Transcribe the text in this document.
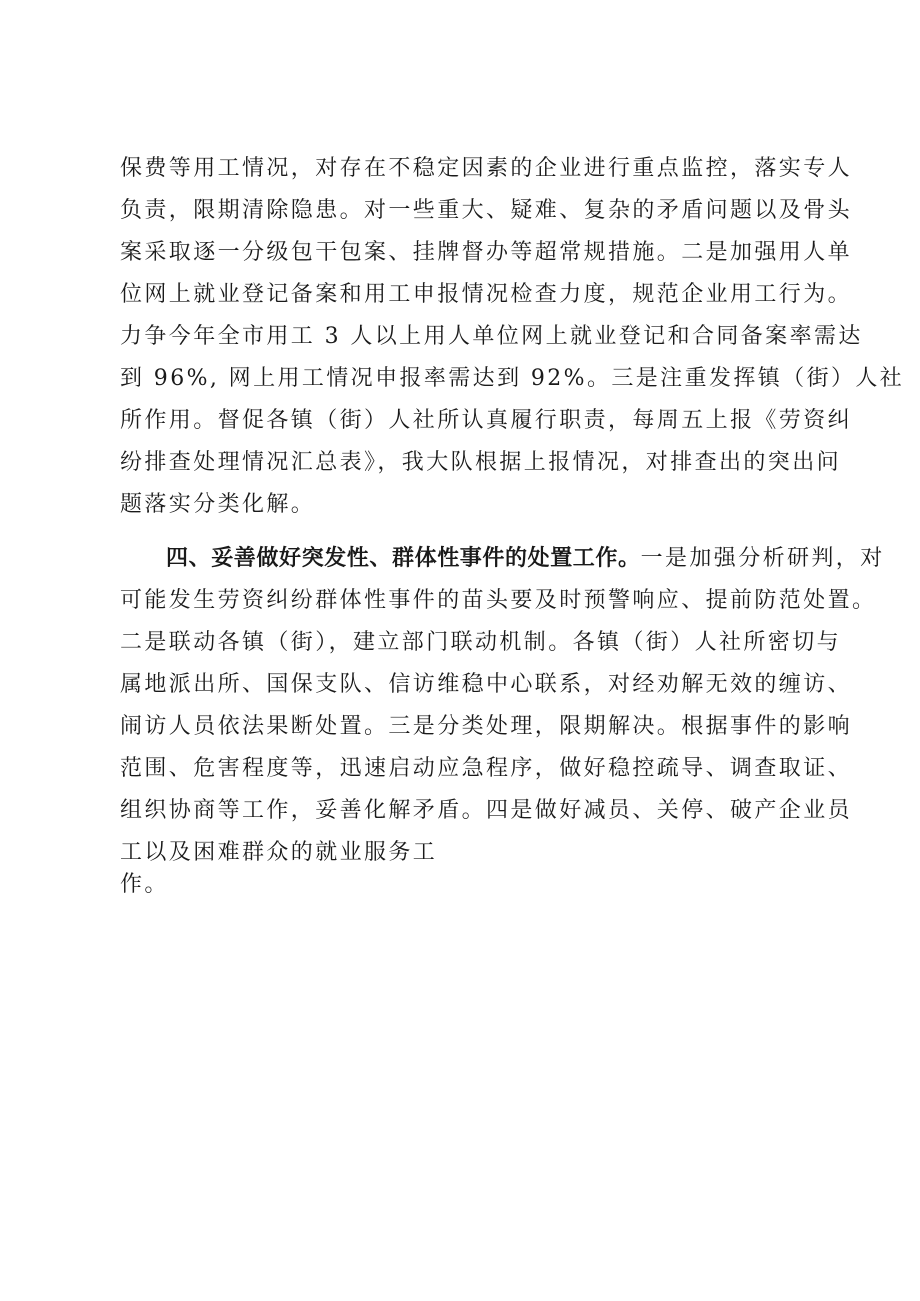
保费等用工情况，对存在不稳定因素的企业进行重点监控，落实专人
负责，限期清除隐患。对一些重大、疑难、复杂的矛盾问题以及骨头
案采取逐一分级包干包案、挂牌督办等超常规措施。二是加强用人单
位网上就业登记备案和用工申报情况检查力度，规范企业用工行为。
力争今年全市用工 3 人以上用人单位网上就业登记和合同备案率需达
到 96%, 网上用工情况申报率需达到 92%。三是注重发挥镇（街）人社
所作用。督促各镇（街）人社所认真履行职责，每周五上报《劳资纠
纷排查处理情况汇总表》，我大队根据上报情况，对排查出的突出问
题落实分类化解。
四、妥善做好突发性、群体性事件的处置工作。一是加强分析研判，对
可能发生劳资纠纷群体性事件的苗头要及时预警响应、提前防范处置。
二是联动各镇（街），建立部门联动机制。各镇（街）人社所密切与
属地派出所、国保支队、信访维稳中心联系，对经劝解无效的缠访、
闹访人员依法果断处置。三是分类处理，限期解决。根据事件的影响
范围、危害程度等，迅速启动应急程序，做好稳控疏导、调查取证、
组织协商等工作，妥善化解矛盾。四是做好减员、关停、破产企业员
工以及困难群众的就业服务工
作。
